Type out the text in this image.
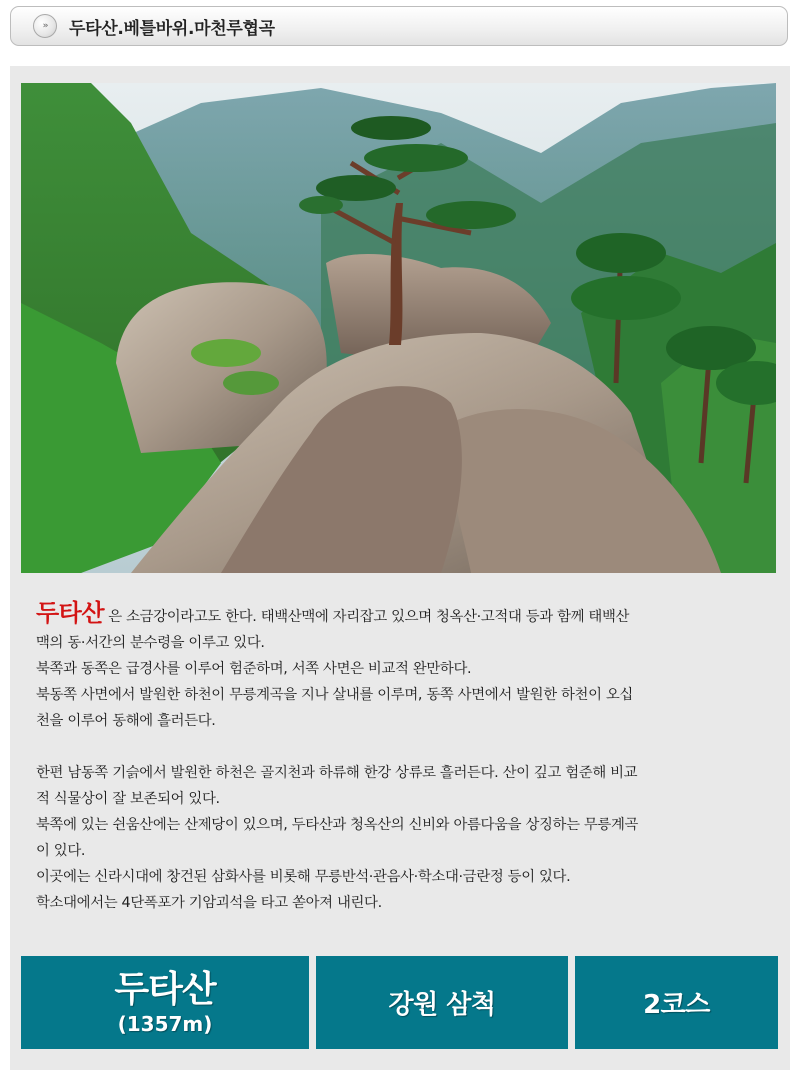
»	두타산.베틀바위.마천루협곡

두타산 은 소금강이라고도 한다. 태백산맥에 자리잡고 있으며 청옥산·고적대 등과 함께 태백산

맥의 동·서간의 분수령을 이루고 있다.

북쪽과 동쪽은 급경사를 이루어 험준하며, 서쪽 사면은 비교적 완만하다.

북동쪽 사면에서 발원한 하천이 무릉계곡을 지나 살내를 이루며, 동쪽 사면에서 발원한 하천이 오십

천을 이루어 동해에 흘러든다.

한편 남동쪽 기슭에서 발원한 하천은 골지천과 하류해 한강 상류로 흘러든다. 산이 깊고 험준해 비교

적 식물상이 잘 보존되어 있다.

북쪽에 있는 쉰움산에는 산제당이 있으며, 두타산과 청옥산의 신비와 아름다움을 상징하는 무릉계곡

이 있다.

이곳에는 신라시대에 창건된 삼화사를 비롯해 무릉반석·관음사·학소대·금란정 등이 있다.

학소대에서는 4단폭포가 기암괴석을 타고 쏟아져 내린다.

두타산
(1357m)
강원 삼척	2코스
